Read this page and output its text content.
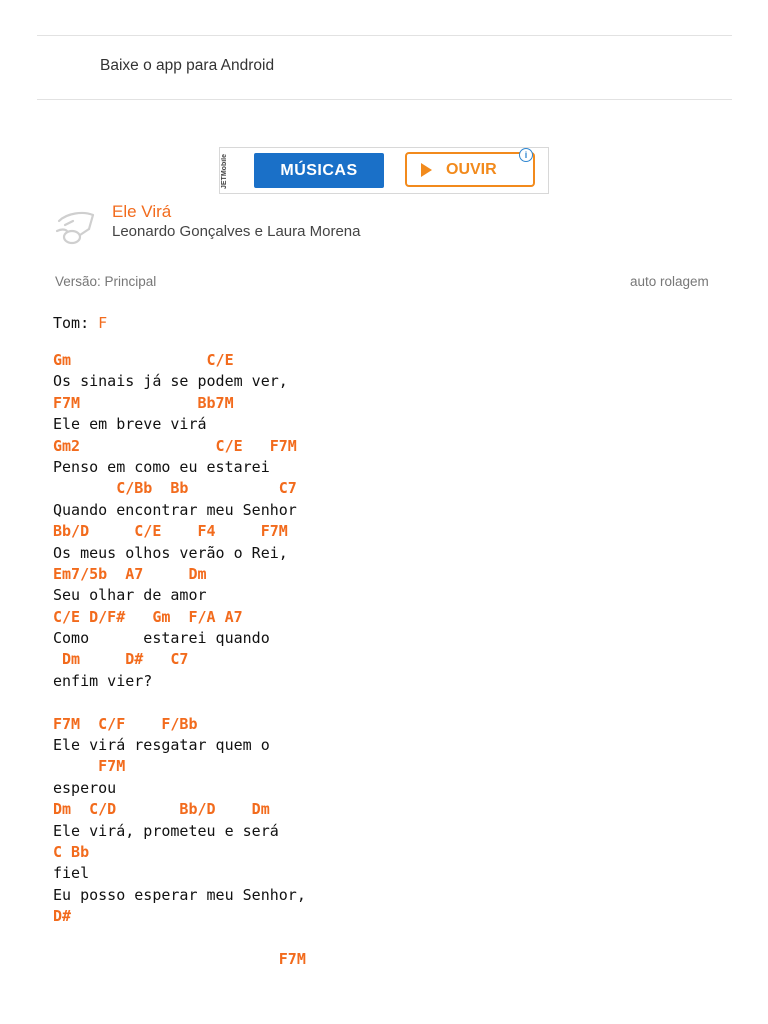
Baixe o app para Android
JETMobile	MÚSICAS	OUVIR
i
Ele Virá
Leonardo Gonçalves e Laura Morena
Versão: Principal	auto rolagem
Tom: F
Gm               C/E
Os sinais já se podem ver,
F7M             Bb7M
Ele em breve virá
Gm2               C/E   F7M
Penso em como eu estarei
C/Bb  Bb          C7
Quando encontrar meu Senhor
Bb/D     C/E    F4     F7M
Os meus olhos verão o Rei,
Em7/5b  A7     Dm
Seu olhar de amor
C/E D/F#   Gm  F/A A7
Como      estarei quando
Dm     D#   C7
enfim vier?
F7M  C/F    F/Bb
Ele virá resgatar quem o
F7M
esperou
Dm  C/D       Bb/D    Dm
Ele virá, prometeu e será
C Bb
fiel
Eu posso esperar meu Senhor,
D#
F7M
